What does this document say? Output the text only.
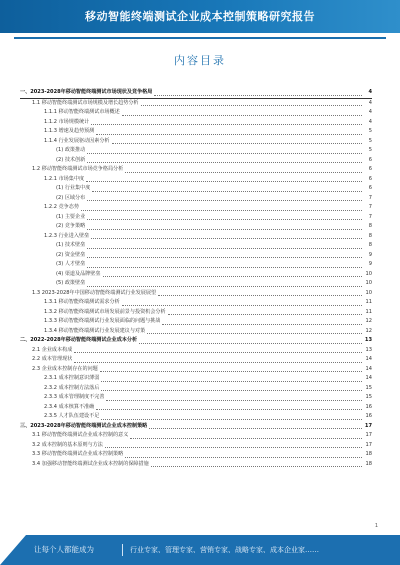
移动智能终端测试企业成本控制策略研究报告
内容目录
一、2023-2028年移动智能终端测试市场现状及竞争格局	4
1.1 移动智能终端测试市场规模及增长趋势分析	4
1.1.1 移动智能终端测试市场概述	4
1.1.2 市场规模统计	4
1.1.3 增速及趋势预测	5
1.1.4 行业发展驱动因素分析	5
(1) 政策推动	5
(2) 技术创新	6
1.2 移动智能终端测试市场竞争格局分析	6
1.2.1 市场集中度	6
(1) 行业集中度	6
(2) 区域分布	7
1.2.2 竞争态势	7
(1) 主要企业	7
(2) 竞争策略	8
1.2.3 行业进入壁垒	8
(1) 技术壁垒	8
(2) 资金壁垒	9
(3) 人才壁垒	9
(4) 渠道及品牌壁垒	10
(5) 政策壁垒	10
1.3 2023-2028年中国移动智能终端测试行业发展展望	10
1.3.1 移动智能终端测试需求分析	11
1.3.2 移动智能终端测试市场发展前景与投资机会分析	11
1.3.3 移动智能终端测试行业发展面临的问题与挑战	12
1.3.4 移动智能终端测试行业发展建议与对策	12
二、2022-2028年移动智能终端测试企业成本分析	13
2.1 企业成本构成	13
2.2 成本管理现状	14
2.3 企业成本控制存在的问题	14
2.3.1 成本控制意识薄弱	14
2.3.2 成本控制方法落后	15
2.3.3 成本管理制度不完善	15
2.3.4 成本核算不准确	16
2.3.5 人才队伍建设不足	16
三、2023-2028年移动智能终端测试企业成本控制策略	17
3.1 移动智能终端测试企业成本控制的意义	17
3.2 成本控制的基本原则与方法	17
3.3 移动智能终端测试企业成本控制策略	18
3.4 加强移动智能终端测试企业成本控制的保障措施	18
1
让每个人都能成为	行业专家、管理专家、营销专家、战略专家、成本企业家……
